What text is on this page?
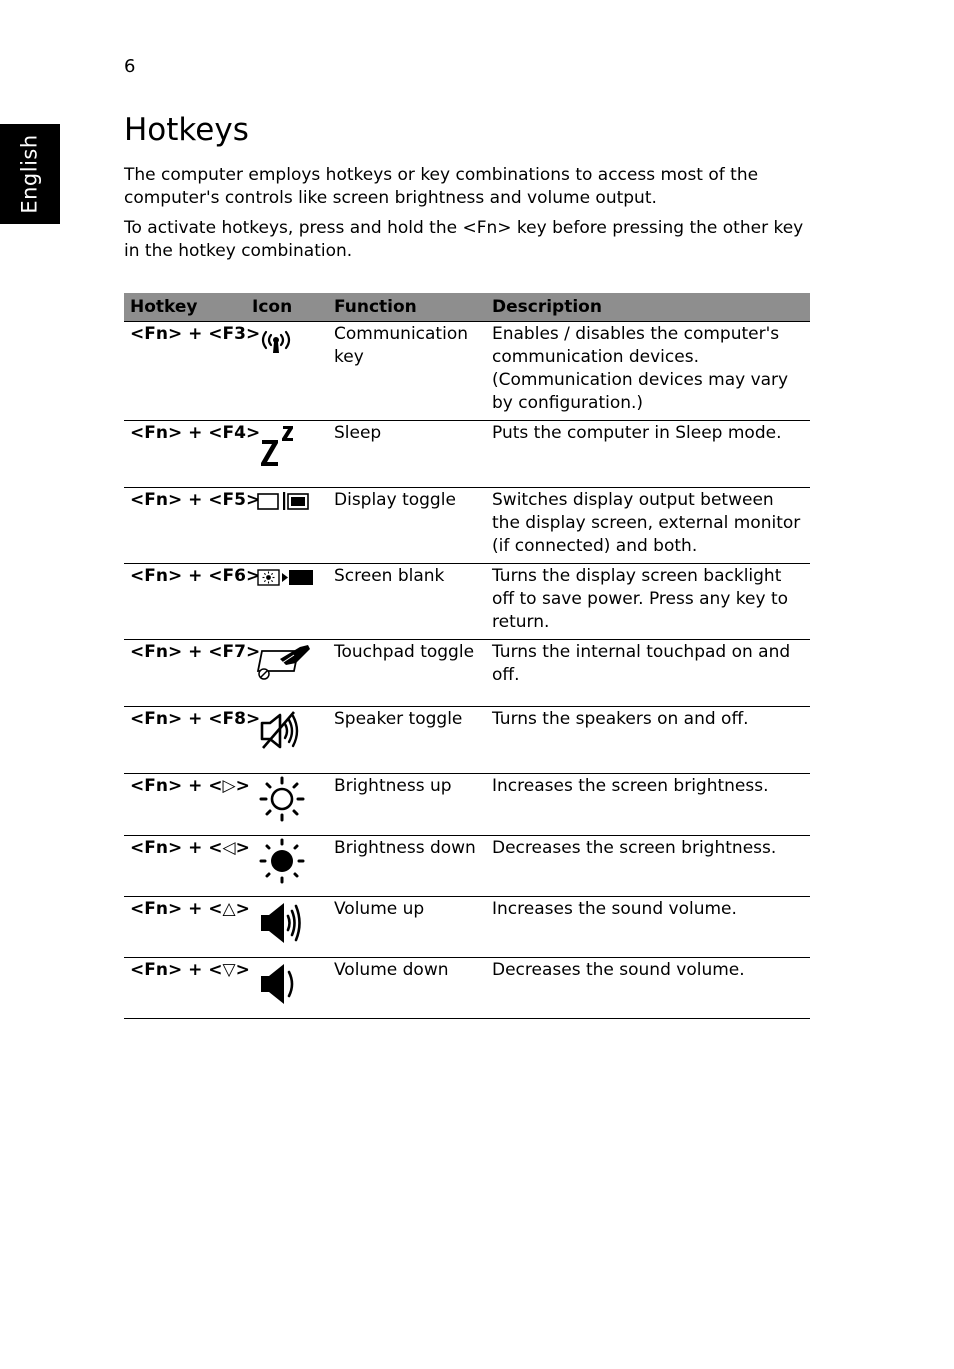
6
English
Hotkeys

The computer employs hotkeys or key combinations to access most of the computer's controls like screen brightness and volume output.

To activate hotkeys, press and hold the <Fn> key before pressing the other key in the hotkey combination.

Hotkey	Icon	Function	Description
<Fn> + <F3>		Communication key	Enables / disables the computer's communication devices. (Communication devices may vary by configuration.)
<Fn> + <F4>		Sleep	Puts the computer in Sleep mode.
<Fn> + <F5>		Display toggle	Switches display output between the display screen, external monitor (if connected) and both.
<Fn> + <F6>		Screen blank	Turns the display screen backlight off to save power. Press any key to return.
<Fn> + <F7>		Touchpad toggle	Turns the internal touchpad on and off.
<Fn> + <F8>		Speaker toggle	Turns the speakers on and off.
<Fn> + <▷>		Brightness up	Increases the screen brightness.
<Fn> + <◁>		Brightness down	Decreases the screen brightness.
<Fn> + <△>		Volume up	Increases the sound volume.
<Fn> + <▽>		Volume down	Decreases the sound volume.
